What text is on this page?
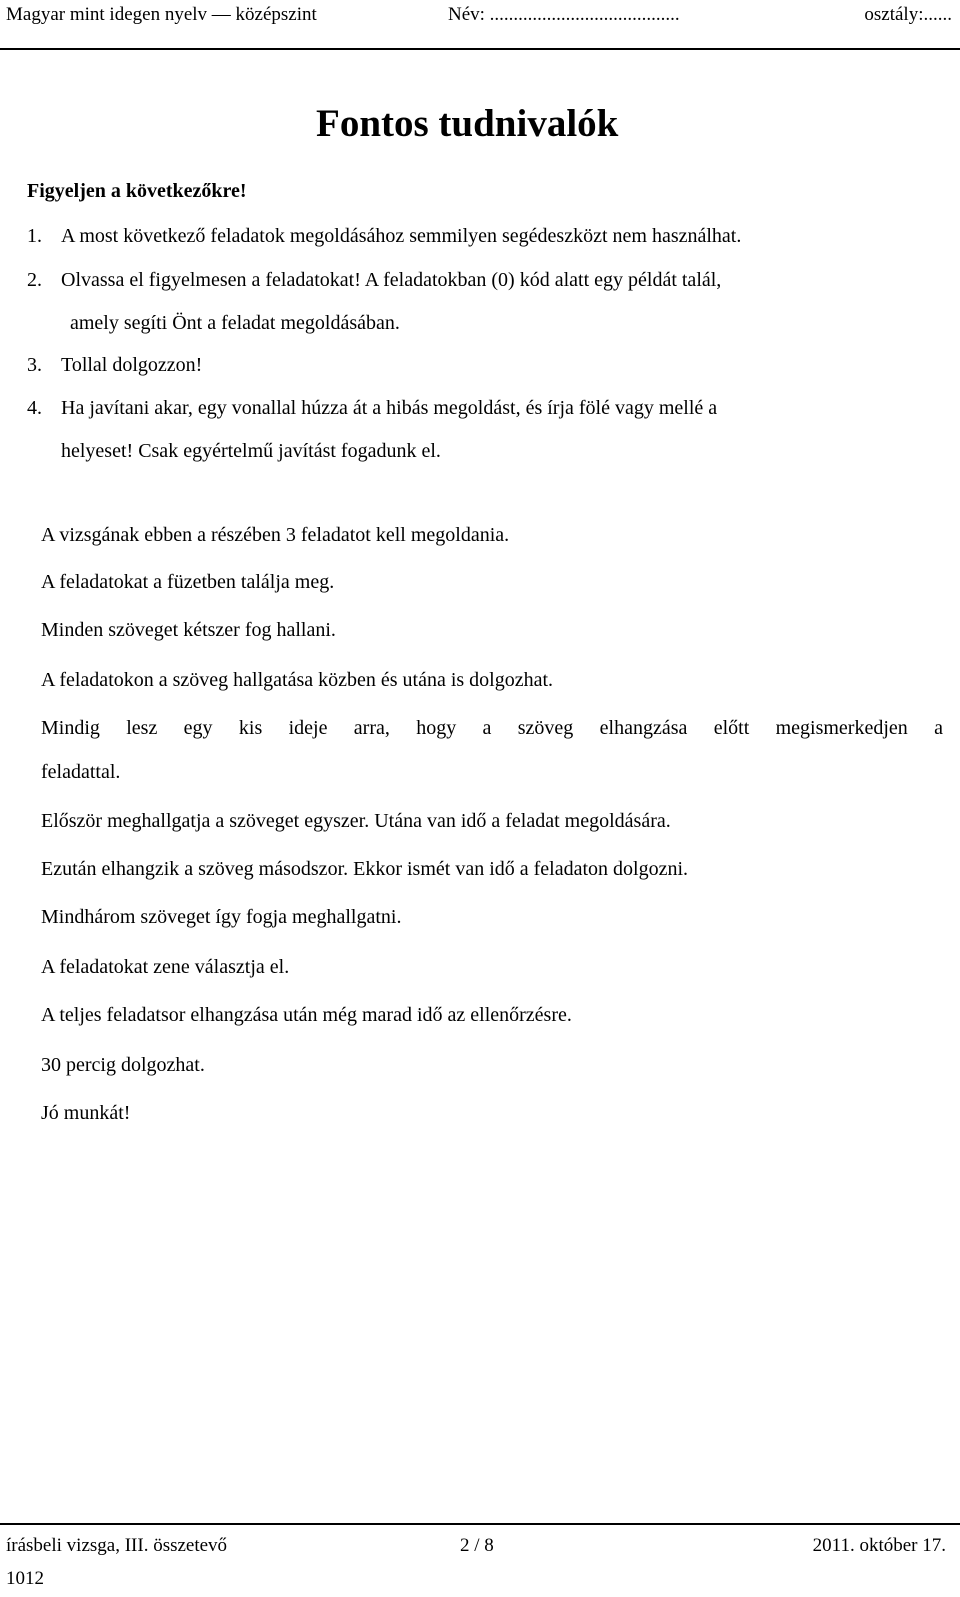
Magyar mint idegen nyelv — középszint	Név: ........................................	osztály:......
Fontos tudnivalók
Figyeljen a következőkre!
1. A most következő feladatok megoldásához semmilyen segédeszközt nem használhat.
2. Olvassa el figyelmesen a feladatokat! A feladatokban (0) kód alatt egy példát talál,
amely segíti Önt a feladat megoldásában.
3. Tollal dolgozzon!
4. Ha javítani akar, egy vonallal húzza át a hibás megoldást, és írja fölé vagy mellé a
helyeset! Csak egyértelmű javítást fogadunk el.
A vizsgának ebben a részében 3 feladatot kell megoldania.
A feladatokat a füzetben találja meg.
Minden szöveget kétszer fog hallani.
A feladatokon a szöveg hallgatása közben és utána is dolgozhat.
Mindig lesz egy kis ideje arra, hogy a szöveg elhangzása előtt megismerkedjen a
feladattal.
Először meghallgatja a szöveget egyszer. Utána van idő a feladat megoldására.
Ezután elhangzik a szöveg másodszor. Ekkor ismét van idő a feladaton dolgozni.
Mindhárom szöveget így fogja meghallgatni.
A feladatokat zene választja el.
A teljes feladatsor elhangzása után még marad idő az ellenőrzésre.
30 percig dolgozhat.
Jó munkát!
írásbeli vizsga, III. összetevő	2 / 8	2011. október 17.
1012
